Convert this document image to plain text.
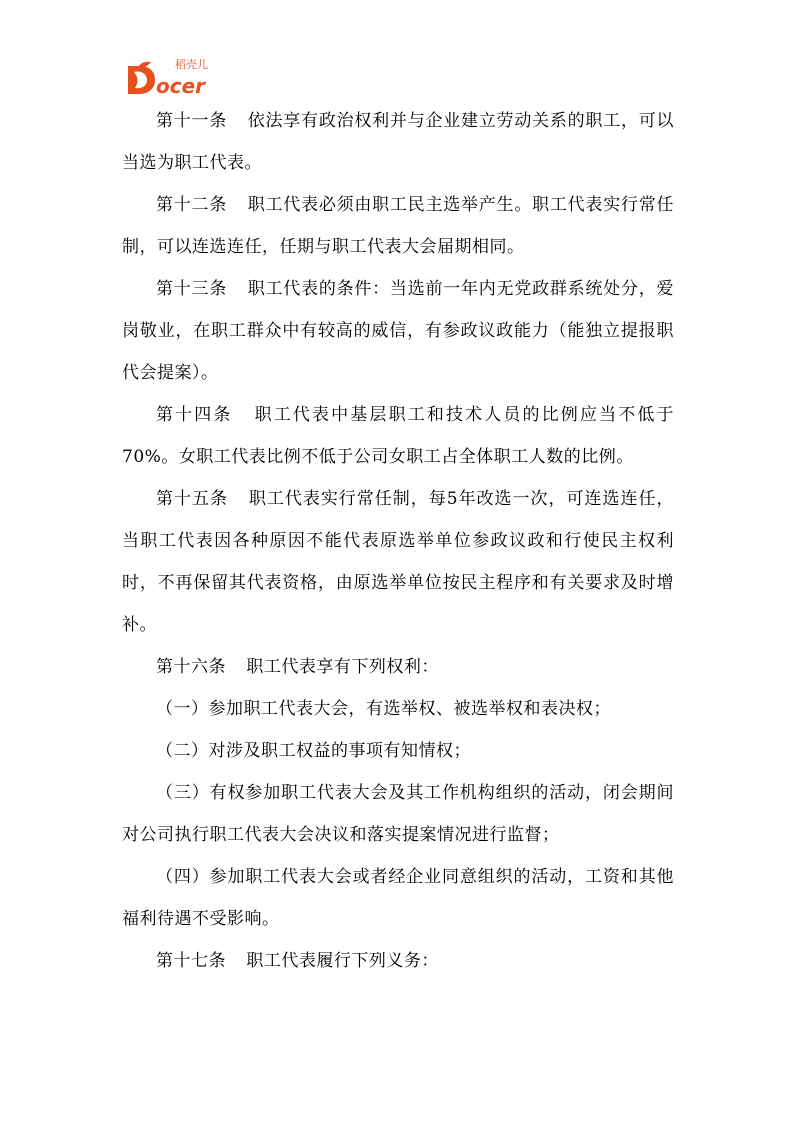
ocer
稻壳儿

第十一条 依法享有政治权利并与企业建立劳动关系的职工，可以当选为职工代表。

第十二条 职工代表必须由职工民主选举产生。职工代表实行常任制，可以连选连任，任期与职工代表大会届期相同。

第十三条 职工代表的条件：当选前一年内无党政群系统处分，爱岗敬业，在职工群众中有较高的威信，有参政议政能力（能独立提报职代会提案）。

第十四条 职工代表中基层职工和技术人员的比例应当不低于70%。女职工代表比例不低于公司女职工占全体职工人数的比例。

第十五条 职工代表实行常任制，每5年改选一次，可连选连任，当职工代表因各种原因不能代表原选举单位参政议政和行使民主权利时，不再保留其代表资格，由原选举单位按民主程序和有关要求及时增补。

第十六条 职工代表享有下列权利：

（一）参加职工代表大会，有选举权、被选举权和表决权；

（二）对涉及职工权益的事项有知情权；

（三）有权参加职工代表大会及其工作机构组织的活动，闭会期间对公司执行职工代表大会决议和落实提案情况进行监督；

（四）参加职工代表大会或者经企业同意组织的活动，工资和其他福利待遇不受影响。

第十七条 职工代表履行下列义务：
